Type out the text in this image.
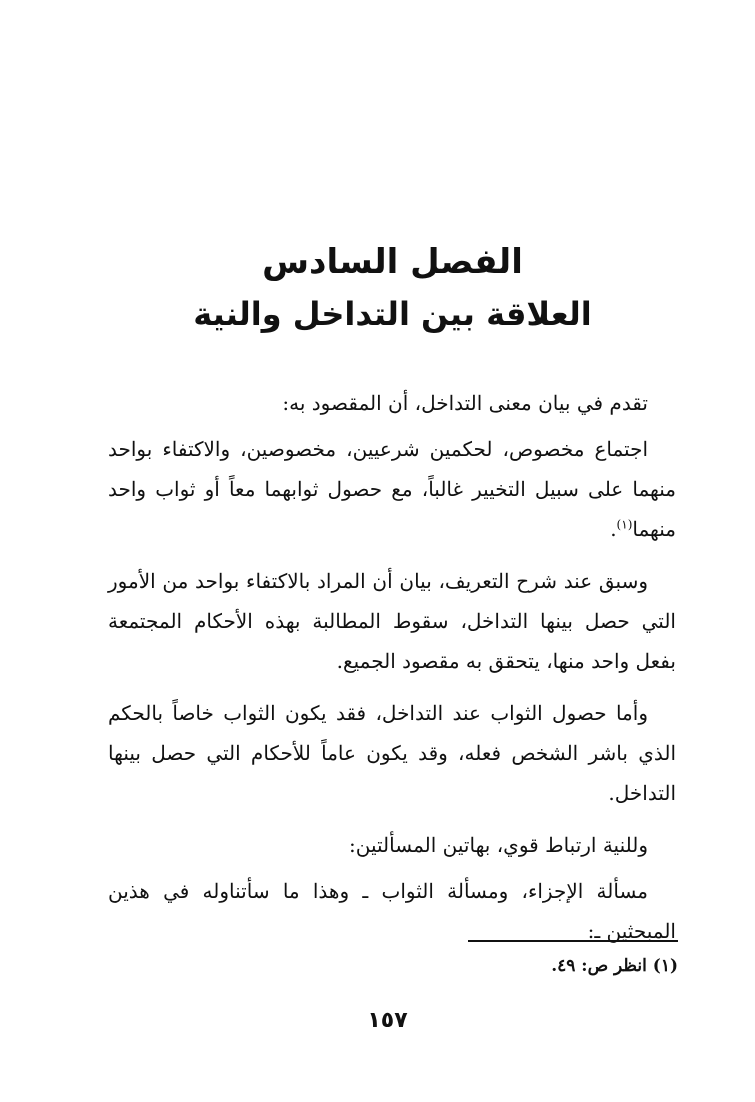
الفصل السادس
العلاقة بين التداخل والنية

تقدم في بيان معنى التداخل، أن المقصود به:

اجتماع مخصوص، لحكمين شرعيين، مخصوصين، والاكتفاء بواحد منهما على سبيل التخيير غالباً، مع حصول ثوابهما معاً أو ثواب واحد منهما$^{(١)}$.

وسبق عند شرح التعريف، بيان أن المراد بالاكتفاء بواحد من الأمور التي حصل بينها التداخل، سقوط المطالبة بهذه الأحكام المجتمعة بفعل واحد منها، يتحقق به مقصود الجميع.

وأما حصول الثواب عند التداخل، فقد يكون الثواب خاصاً بالحكم الذي باشر الشخص فعله، وقد يكون عاماً للأحكام التي حصل بينها التداخل.

وللنية ارتباط قوي، بهاتين المسألتين:

مسألة الإجزاء، ومسألة الثواب ـ وهذا ما سأتناوله في هذين المبحثين ـ:

(١) انظر ص: ٤٩.
١٥٧
